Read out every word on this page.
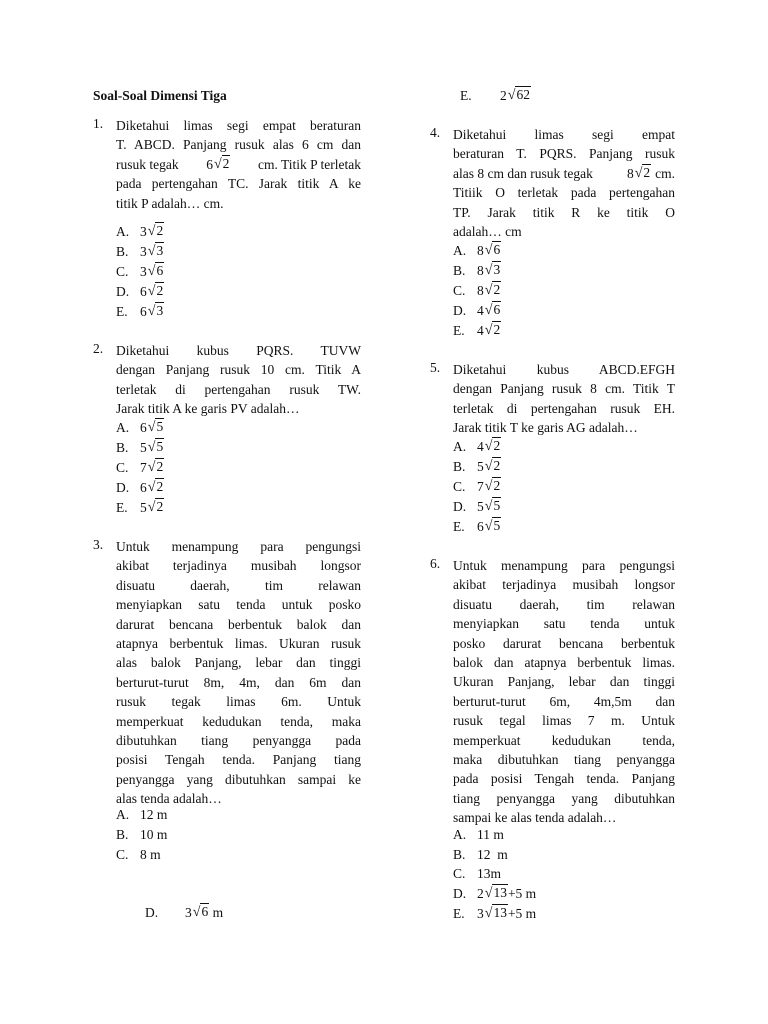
Soal-Soal Dimensi Tiga
1. Diketahui limas segi empat beraturan
T. ABCD. Panjang rusuk alas 6 cm dan
rusuk tegak 6 √ 2 cm. Titik P terletak
pada pertengahan TC. Jarak titik A ke
titik P adalah… cm.
A. 3 √ 2
B. 3 √ 3
C. 3 √ 6
D. 6 √ 2
E. 6 √ 3
2. Diketahui kubus PQRS. TUVW
dengan Panjang rusuk 10 cm. Titik A
terletak di pertengahan rusuk TW.
Jarak titik A ke garis PV adalah…
A. 6 √ 5
B. 5 √ 5
C. 7 √ 2
D. 6 √ 2
E. 5 √ 2
3. Untuk menampung para pengungsi
akibat terjadinya musibah longsor
disuatu daerah, tim relawan
menyiapkan satu tenda untuk posko
darurat bencana berbentuk balok dan
atapnya berbentuk limas. Ukuran rusuk
alas balok Panjang, lebar dan tinggi
berturut-turut 8m, 4m, dan 6m dan
rusuk tegak limas 6m. Untuk
memperkuat kedudukan tenda, maka
dibutuhkan tiang penyangga pada
posisi Tengah tenda. Panjang tiang
penyangga yang dibutuhkan sampai ke
alas tenda adalah…
A. 12 m
B. 10 m
C. 8 m
D. 3 √ 6 m
E. 2 √ 62
4. Diketahui limas segi empat
beraturan T. PQRS. Panjang rusuk
alas 8 cm dan rusuk tegak	8 √ 2 cm.
Titiik O terletak pada pertengahan
TP. Jarak titik R ke titik O
adalah… cm
A. 8 √ 6
B. 8 √ 3
C. 8 √ 2
D. 4 √ 6
E. 4 √ 2
5. Diketahui kubus ABCD.EFGH
dengan Panjang rusuk 8 cm. Titik T
terletak di pertengahan rusuk EH.
Jarak titik T ke garis AG adalah…
A. 4 √ 2
B. 5 √ 2
C. 7 √ 2
D. 5 √ 5
E. 6 √ 5
6. Untuk menampung para pengungsi
akibat terjadinya musibah longsor
disuatu daerah, tim relawan
menyiapkan satu tenda untuk
posko darurat bencana berbentuk
balok dan atapnya berbentuk limas.
Ukuran Panjang, lebar dan tinggi
berturut-turut 6m, 4m,5m dan
rusuk tegal limas 7 m. Untuk
memperkuat kedudukan tenda,
maka dibutuhkan tiang penyangga
pada posisi Tengah tenda. Panjang
tiang penyangga yang dibutuhkan
sampai ke alas tenda adalah…
A. 11 m
B. 12  m
C. 13m
D. 2 √ 13 +5 m
E. 3 √ 13 +5 m
